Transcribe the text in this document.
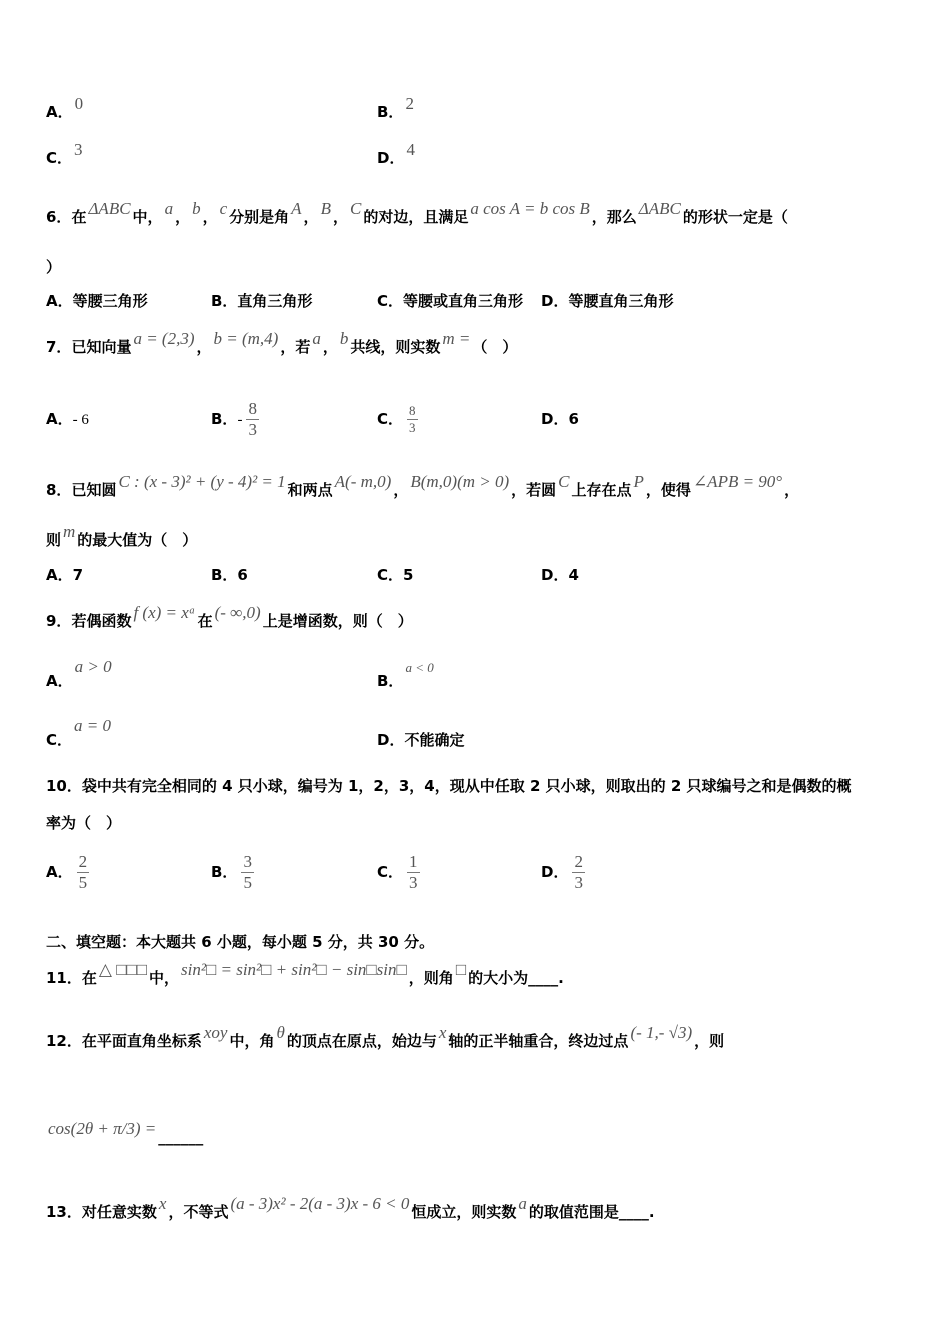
A． 0	B． 2
C． 3	D． 4
6．在 ΔABC 中， a ， b ， c 分别是角 A ， B ， C 的对边，且满足 a cos A = b cos B ，那么 ΔABC 的形状一定是（
）
A．等腰三角形	B．直角三角形	C．等腰或直角三角形 D．等腰直角三角形
7．已知向量 a = (2,3) ， b = (m,4) ，若 a ， b 共线，则实数 m = （　）
A．- 6	B．- $\frac{8}{3}$	C． $\frac{8}{3}$	D．6
8．已知圆 C : (x - 3)² + (y - 4)² = 1 和两点 A(- m,0) ， B(m,0)(m > 0) ，若圆 C 上存在点 P ，使得 ∠APB = 90° ，
则 m 的最大值为（　）
A．7	B．6	C．5	D．4
9．若偶函数 f (x) = xᵃ 在 (- ∞,0) 上是增函数，则（　）
A．a > 0
B．a < 0
C．a = 0
D．不能确定
10．袋中共有完全相同的 4 只小球，编号为 1，2，3，4，现从中任取 2 只小球，则取出的 2 只球编号之和是偶数的概
率为（　）
A． $\frac{2}{5}$	B． $\frac{3}{5}$	C． $\frac{1}{3}$	D． $\frac{2}{3}$
二、填空题：本大题共 6 小题，每小题 5 分，共 30 分。
11．在 △ □□□ 中， sin²□ = sin²□ + sin²□ − sin□sin□ ，则角 □ 的大小为____.
12．在平面直角坐标系 xoy 中，角 θ 的顶点在原点，始边与 x 轴的正半轴重合，终边过点 (- 1,- √3) ，则
cos(2θ + π/3) = ______
13．对任意实数 x ，不等式 (a - 3)x² - 2(a - 3)x - 6 < 0 恒成立，则实数 a 的取值范围是____.
